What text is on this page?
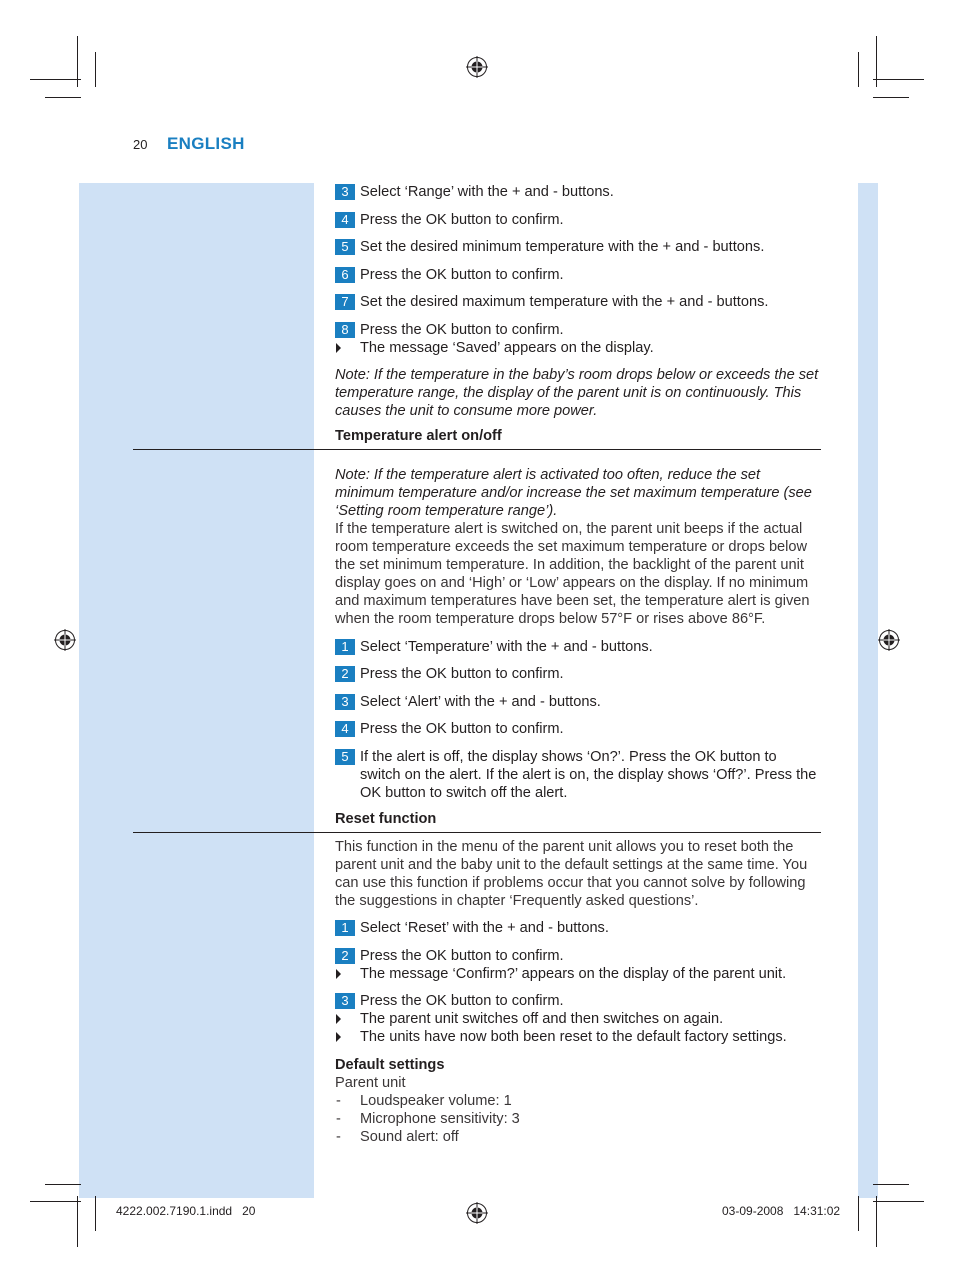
20 ENGLISH
3 Select ‘Range’ with the + and - buttons.
4 Press the OK button to confirm.
5 Set the desired minimum temperature with the + and - buttons.
6 Press the OK button to confirm.
7 Set the desired maximum temperature with the + and - buttons.
8 Press the OK button to confirm.
The message ‘Saved’ appears on the display.
Note: If the temperature in the baby’s room drops below or exceeds the set temperature range, the display of the parent unit is on continuously. This causes the unit to consume more power.
Temperature alert on/off
Note: If the temperature alert is activated too often, reduce the set minimum temperature and/or increase the set maximum temperature (see ‘Setting room temperature range’).
If the temperature alert is switched on, the parent unit beeps if the actual room temperature exceeds the set maximum temperature or drops below the set minimum temperature. In addition, the backlight of the parent unit display goes on and ‘High’ or ‘Low’ appears on the display. If no minimum and maximum temperatures have been set, the temperature alert is given when the room temperature drops below 57°F or rises above 86°F.
1 Select ‘Temperature’ with the + and - buttons.
2 Press the OK button to confirm.
3 Select ‘Alert’ with the + and - buttons.
4 Press the OK button to confirm.
5 If the alert is off, the display shows ‘On?’. Press the OK button to switch on the alert. If the alert is on, the display shows ‘Off?’. Press the OK button to switch off the alert.
Reset function
This function in the menu of the parent unit allows you to reset both the parent unit and the baby unit to the default settings at the same time. You can use this function if problems occur that you cannot solve by following the suggestions in chapter ‘Frequently asked questions’.
1 Select ‘Reset’ with the + and - buttons.
2 Press the OK button to confirm.
The message ‘Confirm?’ appears on the display of the parent unit.
3 Press the OK button to confirm.
The parent unit switches off and then switches on again.
The units have now both been reset to the default factory settings.
Default settings
Parent unit
- Loudspeaker volume: 1
- Microphone sensitivity: 3
- Sound alert: off
4222.002.7190.1.indd   20	03-09-2008   14:31:02
